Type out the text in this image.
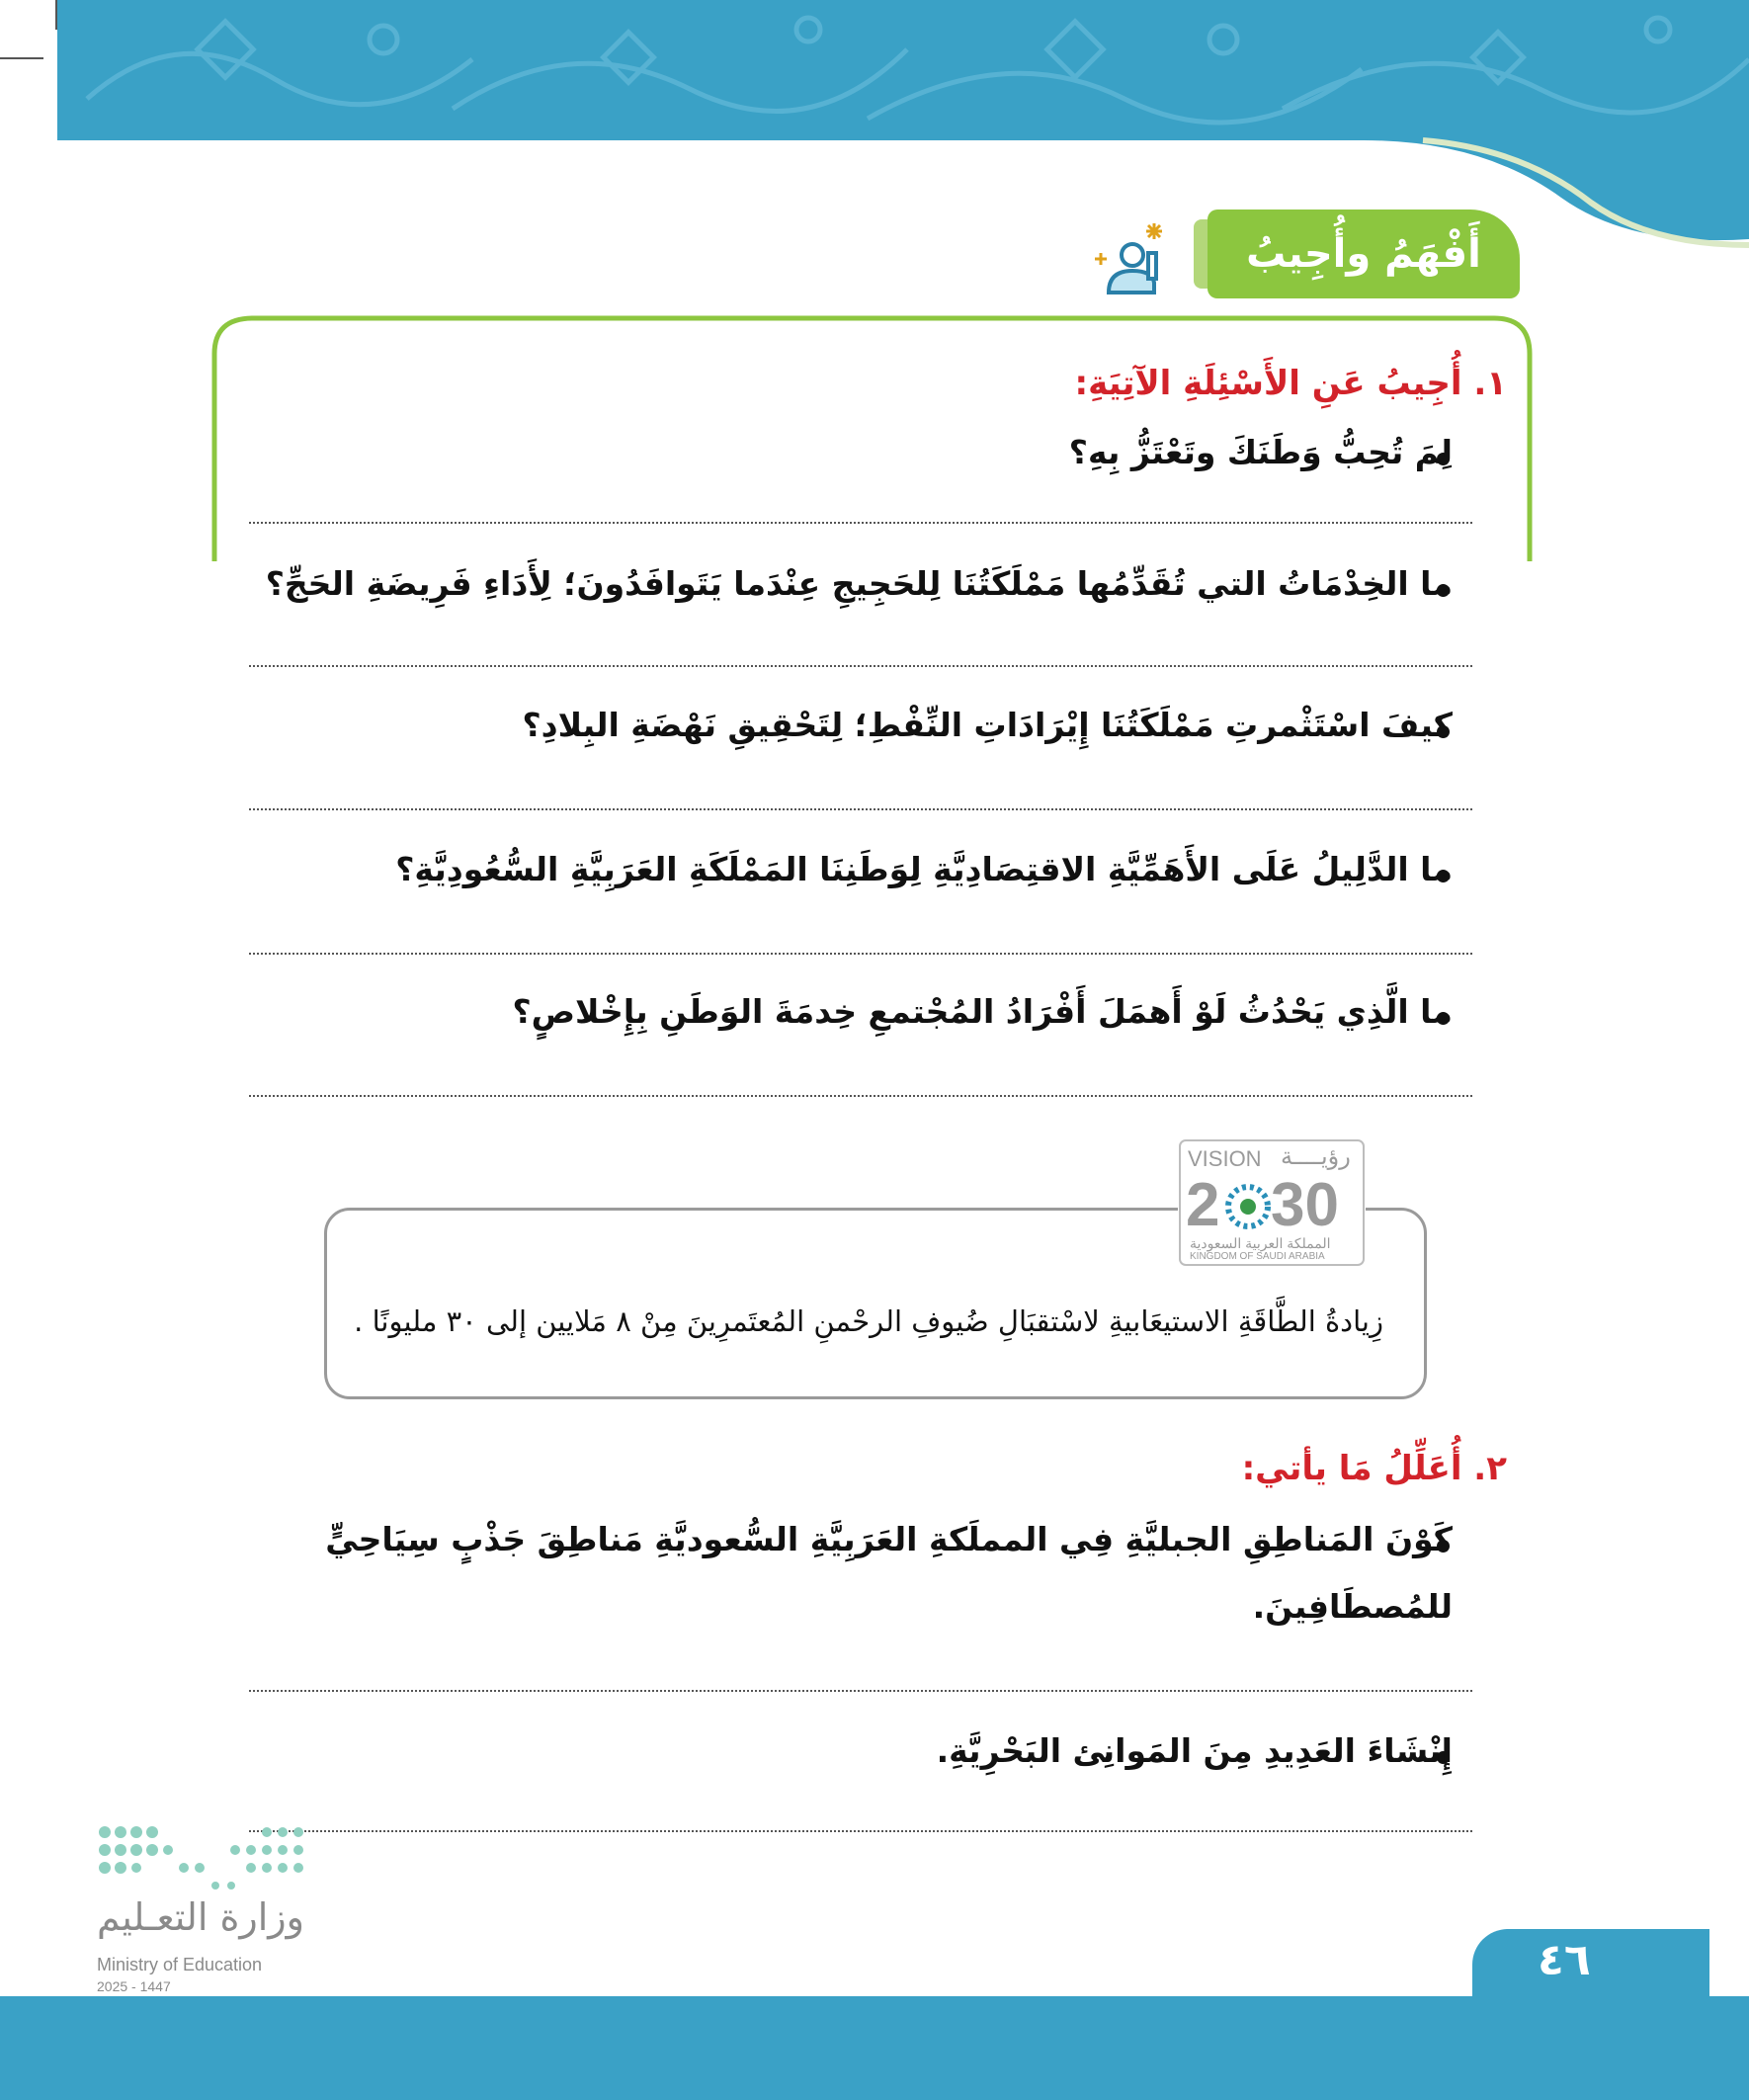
أَفْهَمُ وأُجِيبُ
١. أُجِيبُ عَنِ الأَسْئِلَةِ الآتِيَةِ:
لِمَ تُحِبُّ وَطَنَكَ وتَعْتَزُّ بِهِ؟
ما الخِدْمَاتُ التي تُقَدِّمُها مَمْلَكَتُنَا لِلحَجِيجِ عِنْدَما يَتَوافَدُونَ؛ لِأَدَاءِ فَرِيضَةِ الحَجِّ؟
كيفَ اسْتَثْمرتِ مَمْلَكَتُنَا إِيْرَادَاتِ النِّفْطِ؛ لِتَحْقِيقِ نَهْضَةِ البِلادِ؟
ما الدَّلِيلُ عَلَى الأَهَمِّيَّةِ الاقتِصَادِيَّةِ لِوَطَنِنَا المَمْلَكَةِ العَرَبِيَّةِ السُّعُودِيَّةِ؟
ما الَّذِي يَحْدُثُ لَوْ أَهمَلَ أَفْرَادُ المُجْتمعِ خِدمَةَ الوَطَنِ بِإِخْلاصٍ؟
VISION رؤيــــة
2 30
المملكة العربية السعودية
KINGDOM OF SAUDI ARABIA
زِيادةُ الطَّاقَةِ الاستيعَابيةِ لاسْتقبَالِ ضُيوفِ الرحْمنِ المُعتَمرِينَ مِنْ ٨ مَلايين إلى ٣٠ مليونًا .
٢. أُعَلِّلُ مَا يأتي:
كَوْنَ المَناطِقِ الجبليَّةِ فِي المملَكةِ العَرَبِيَّةِ السُّعوديَّةِ مَناطِقَ جَذْبٍ سِيَاحِيٍّ
للمُصطَافِينَ.
إِنْشَاءَ العَدِيدِ مِنَ المَوانِئ البَحْرِيَّةِ.
وزارة التعـليم
Ministry of Education
2025 - 1447
٤٦
